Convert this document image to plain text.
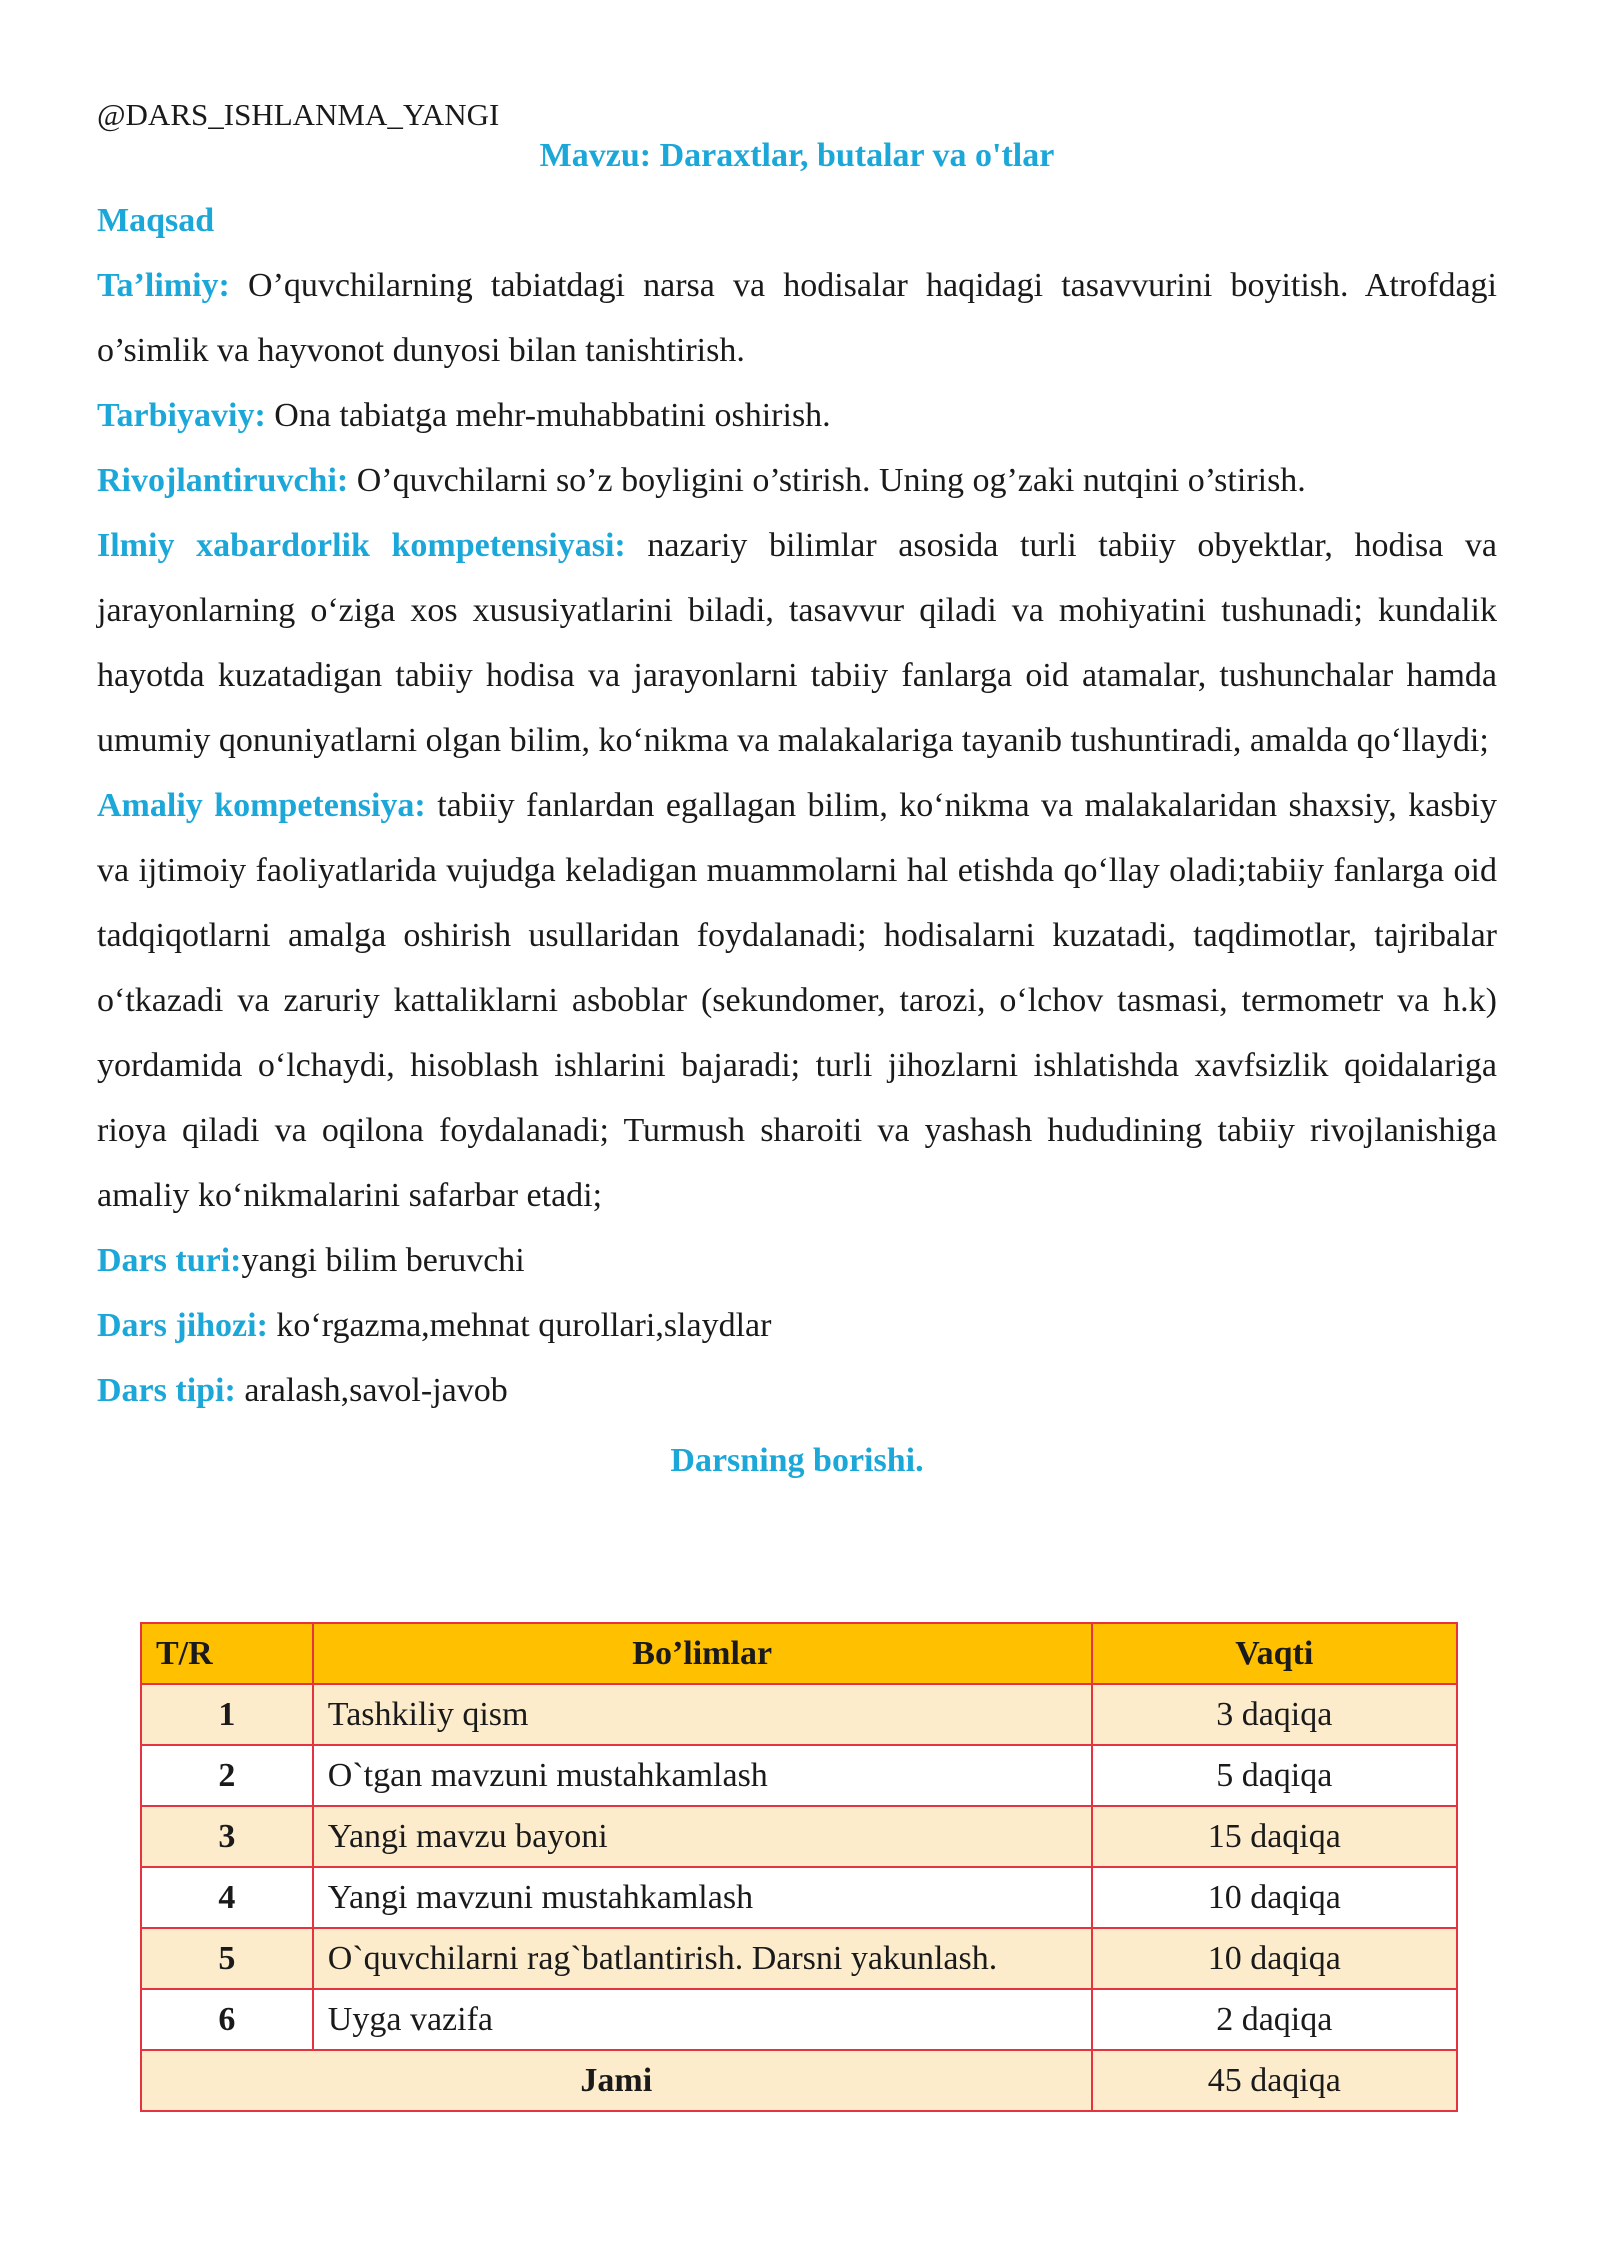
@DARS_ISHLANMA_YANGI

Mavzu: Daraxtlar, butalar va o'tlar

Maqsad

Ta’limiy: O’quvchilarning tabiatdagi narsa va hodisalar haqidagi tasavvurini boyitish. Atrofdagi o’simlik va hayvonot dunyosi bilan tanishtirish.

Tarbiyaviy: Ona tabiatga mehr-muhabbatini oshirish.

Rivojlantiruvchi: O’quvchilarni so’z boyligini o’stirish. Uning og’zaki nutqini o’stirish.

Ilmiy xabardorlik kompetensiyasi: nazariy bilimlar asosida turli tabiiy obyektlar, hodisa va jarayonlarning o‘ziga xos xususiyatlarini biladi, tasavvur qiladi va mohiyatini tushunadi; kundalik hayotda kuzatadigan tabiiy hodisa va jarayonlarni tabiiy fanlarga oid atamalar, tushunchalar hamda umumiy qonuniyatlarni olgan bilim, ko‘nikma va malakalariga tayanib tushuntiradi, amalda qo‘llaydi;

Amaliy kompetensiya: tabiiy fanlardan egallagan bilim, ko‘nikma va malakalaridan shaxsiy, kasbiy va ijtimoiy faoliyatlarida vujudga keladigan muammolarni hal etishda qo‘llay oladi;tabiiy fanlarga oid tadqiqotlarni amalga oshirish usullaridan foydalanadi; hodisalarni kuzatadi, taqdimotlar, tajribalar o‘tkazadi va zaruriy kattaliklarni asboblar (sekundomer, tarozi, o‘lchov tasmasi, termometr va h.k) yordamida o‘lchaydi, hisoblash ishlarini bajaradi; turli jihozlarni ishlatishda xavfsizlik qoidalariga rioya qiladi va oqilona foydalanadi; Turmush sharoiti va yashash hududining tabiiy rivojlanishiga amaliy ko‘nikmalarini safarbar etadi;

Dars turi:yangi bilim beruvchi

Dars jihozi: ko‘rgazma,mehnat qurollari,slaydlar

Dars tipi: aralash,savol-javob

Darsning borishi.

T/R	Bo’limlar	Vaqti
1	Tashkiliy qism	3 daqiqa
2	O`tgan mavzuni mustahkamlash	5 daqiqa
3	Yangi mavzu bayoni	15 daqiqa
4	Yangi mavzuni mustahkamlash	10 daqiqa
5	O`quvchilarni rag`batlantirish. Darsni yakunlash.	10 daqiqa
6	Uyga vazifa	2 daqiqa
Jami		45 daqiqa
